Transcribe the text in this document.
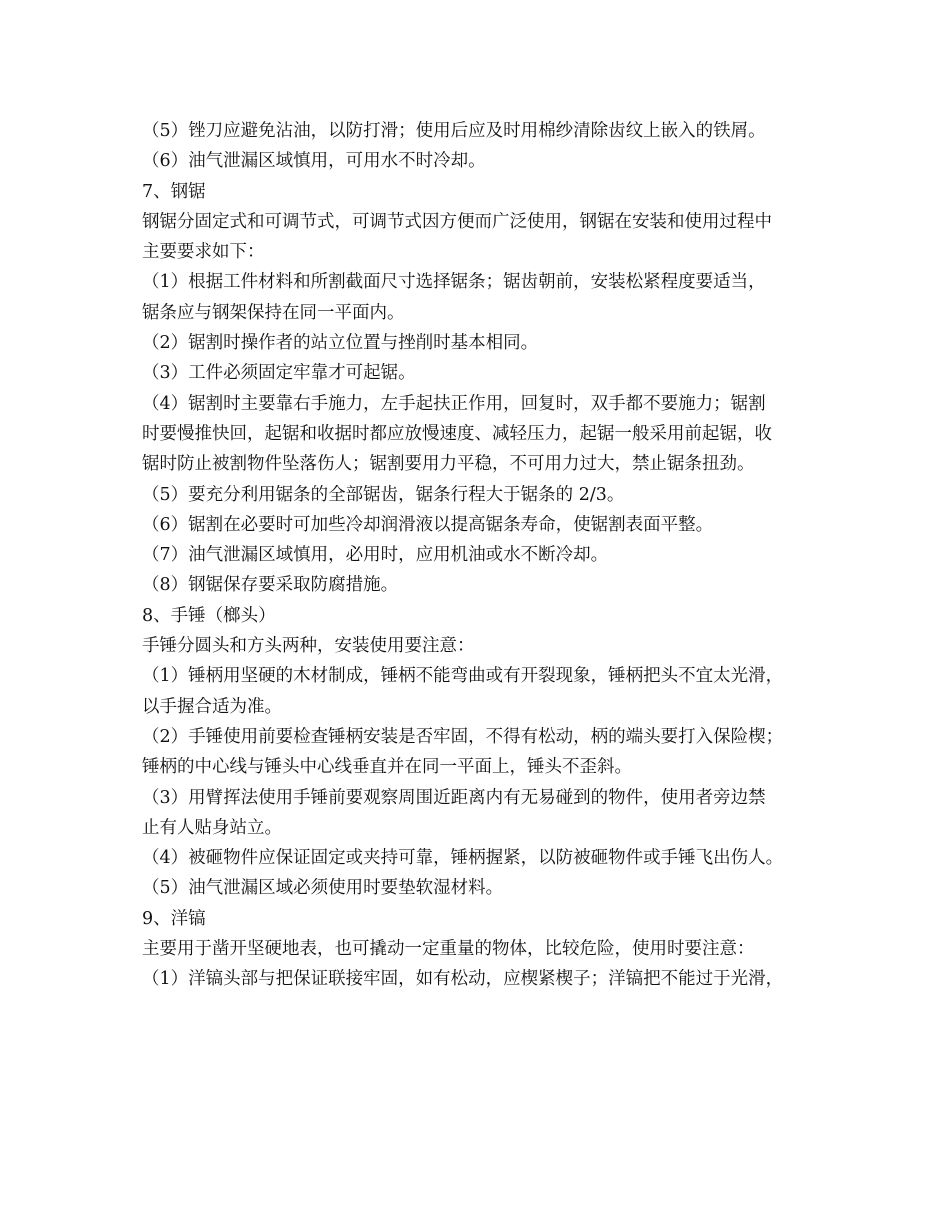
（5）锉刀应避免沾油，以防打滑；使用后应及时用棉纱清除齿纹上嵌入的铁屑。
（6）油气泄漏区域慎用，可用水不时冷却。
7、钢锯
钢锯分固定式和可调节式，可调节式因方便而广泛使用，钢锯在安装和使用过程中
主要要求如下：
（1）根据工件材料和所割截面尺寸选择锯条；锯齿朝前，安装松紧程度要适当，
锯条应与钢架保持在同一平面内。
（2）锯割时操作者的站立位置与挫削时基本相同。
（3）工件必须固定牢靠才可起锯。
（4）锯割时主要靠右手施力，左手起扶正作用，回复时，双手都不要施力；锯割
时要慢推快回，起锯和收据时都应放慢速度、减轻压力，起锯一般采用前起锯，收
锯时防止被割物件坠落伤人；锯割要用力平稳，不可用力过大，禁止锯条扭劲。
（5）要充分利用锯条的全部锯齿，锯条行程大于锯条的 2/3。
（6）锯割在必要时可加些冷却润滑液以提高锯条寿命，使锯割表面平整。
（7）油气泄漏区域慎用，必用时，应用机油或水不断冷却。
（8）钢锯保存要采取防腐措施。
8、手锤（榔头）
手锤分圆头和方头两种，安装使用要注意：
（1）锤柄用坚硬的木材制成，锤柄不能弯曲或有开裂现象，锤柄把头不宜太光滑，
以手握合适为准。
（2）手锤使用前要检查锤柄安装是否牢固，不得有松动，柄的端头要打入保险楔；
锤柄的中心线与锤头中心线垂直并在同一平面上，锤头不歪斜。
（3）用臂挥法使用手锤前要观察周围近距离内有无易碰到的物件，使用者旁边禁
止有人贴身站立。
（4）被砸物件应保证固定或夹持可靠，锤柄握紧，以防被砸物件或手锤飞出伤人。
（5）油气泄漏区域必须使用时要垫软湿材料。
9、洋镐
主要用于凿开坚硬地表，也可撬动一定重量的物体，比较危险，使用时要注意：
（1）洋镐头部与把保证联接牢固，如有松动，应楔紧楔子；洋镐把不能过于光滑，
